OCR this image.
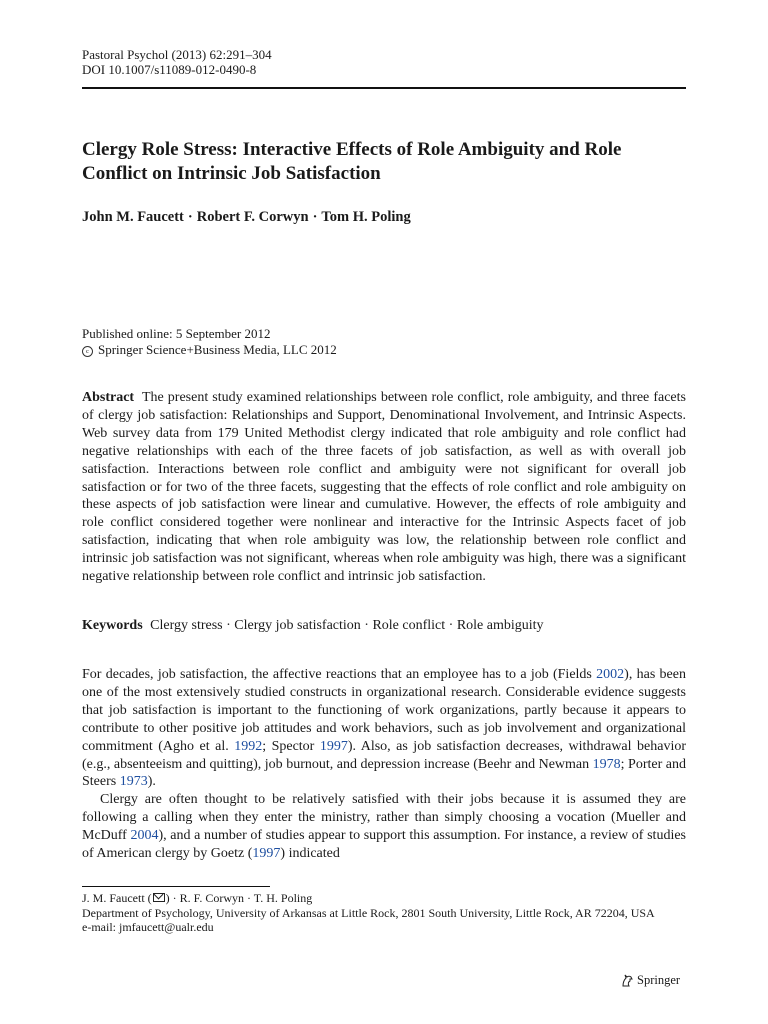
Pastoral Psychol (2013) 62:291–304
DOI 10.1007/s11089-012-0490-8
Clergy Role Stress: Interactive Effects of Role Ambiguity and Role Conflict on Intrinsic Job Satisfaction
John M. Faucett · Robert F. Corwyn · Tom H. Poling
Published online: 5 September 2012
c Springer Science+Business Media, LLC 2012
Abstract The present study examined relationships between role conflict, role ambiguity, and three facets of clergy job satisfaction: Relationships and Support, Denominational Involvement, and Intrinsic Aspects. Web survey data from 179 United Methodist clergy indicated that role ambiguity and role conflict had negative relationships with each of the three facets of job satisfaction, as well as with overall job satisfaction. Interactions between role conflict and ambiguity were not significant for overall job satisfaction or for two of the three facets, suggesting that the effects of role conflict and role ambiguity on these aspects of job satisfaction were linear and cumulative. However, the effects of role ambiguity and role conflict considered together were nonlinear and interactive for the Intrinsic Aspects facet of job satisfaction, indicating that when role ambiguity was low, the relationship between role conflict and intrinsic job satisfaction was not significant, whereas when role ambiguity was high, there was a significant negative relationship between role conflict and intrinsic job satisfaction.
Keywords Clergy stress · Clergy job satisfaction · Role conflict · Role ambiguity
For decades, job satisfaction, the affective reactions that an employee has to a job (Fields 2002), has been one of the most extensively studied constructs in organizational research. Considerable evidence suggests that job satisfaction is important to the functioning of work organizations, partly because it appears to contribute to other positive job attitudes and work behaviors, such as job involvement and organizational commitment (Agho et al. 1992; Spector 1997). Also, as job satisfaction decreases, withdrawal behavior (e.g., absenteeism and quitting), job burnout, and depression increase (Beehr and Newman 1978; Porter and Steers 1973).
Clergy are often thought to be relatively satisfied with their jobs because it is assumed they are following a calling when they enter the ministry, rather than simply choosing a vocation (Mueller and McDuff 2004), and a number of studies appear to support this assumption. For instance, a review of studies of American clergy by Goetz (1997) indicated
J. M. Faucett ( ) · R. F. Corwyn · T. H. Poling
Department of Psychology, University of Arkansas at Little Rock, 2801 South University, Little Rock, AR 72204, USA
e-mail: jmfaucett@ualr.edu
Springer
